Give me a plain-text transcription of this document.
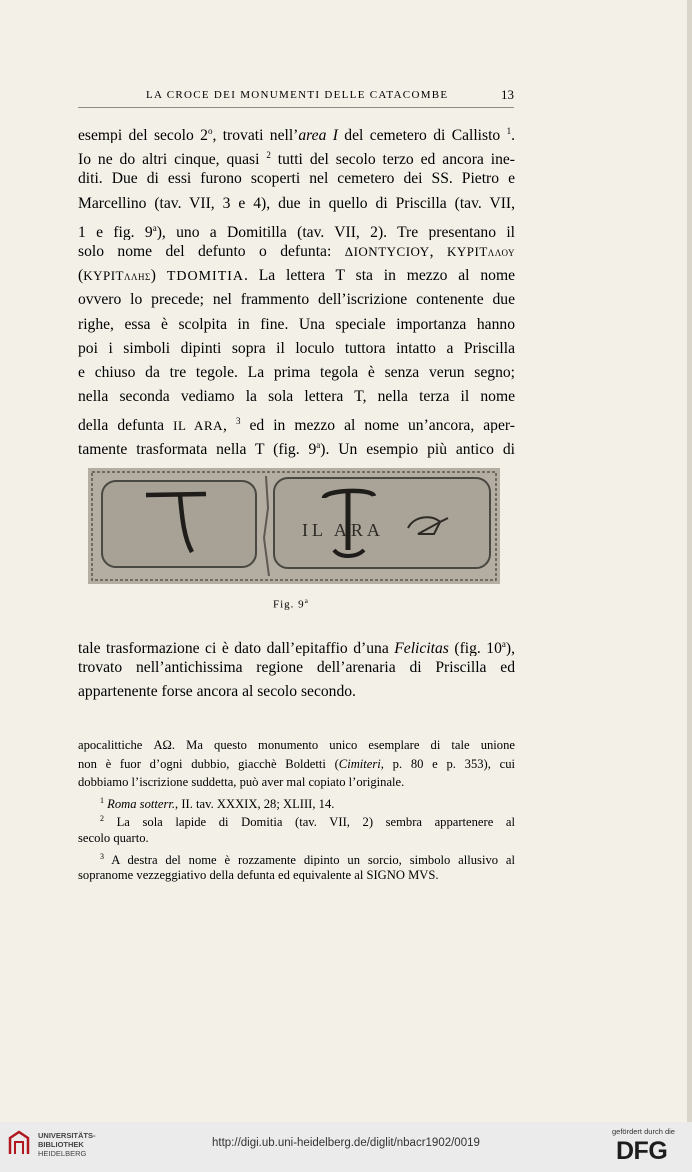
LA CROCE DEI MONUMENTI DELLE CATACOMBE	13
esempi del secolo 2$^o$, trovati nell’area I del cemetero di Callisto $^1$.
Io ne do altri cinque, quasi $^2$ tutti del secolo terzo ed ancora ine-
diti. Due di essi furono scoperti nel cemetero dei SS. Pietro e
Marcellino (tav. VII, 3 e 4), due in quello di Priscilla (tav. VII,
1 e fig. 9$^a$), uno a Domitilla (tav. VII, 2). Tre presentano il
solo nome del defunto o defunta: ΔΙΟΝΤΥCΙΟΥ, ΚΥΡΙΤλλου
(ΚΥΡΙΤλλης) TDOMITIA. La lettera T sta in mezzo al nome
ovvero lo precede; nel frammento dell’iscrizione contenente due
righe, essa è scolpita in fine. Una speciale importanza hanno
poi i simboli dipinti sopra il loculo tuttora intatto a Priscilla
e chiuso da tre tegole. La prima tegola è senza verun segno;
nella seconda vediamo la sola lettera T, nella terza il nome
della defunta IL ARA, $^3$ ed in mezzo al nome un’ancora, aper-
tamente trasformata nella T (fig. 9$^a$). Un esempio più antico di
IL ARA
Fig. 9$^a$
tale trasformazione ci è dato dall’epitaffio d’una Felicitas (fig. 10$^a$),
trovato nell’antichissima regione dell’arenaria di Priscilla ed
appartenente forse ancora al secolo secondo.
apocalittiche ΑΩ. Ma questo monumento unico esemplare di tale unione
non è fuor d’ogni dubbio, giacchè Boldetti (Cimiteri, p. 80 e p. 353), cui
dobbiamo l’iscrizione suddetta, può aver mal copiato l’originale.
$^1$ Roma sotterr., II. tav. XXXIX, 28; XLIII, 14.
$^2$ La sola lapide di Domitia (tav. VII, 2) sembra appartenere al
secolo quarto.
$^3$ A destra del nome è rozzamente dipinto un sorcio, simbolo allusivo al
sopranome vezzeggiativo della defunta ed equivalente al SIGNO MVS.
UNIVERSITÄTS-
BIBLIOTHEK
HEIDELBERG
http://digi.ub.uni-heidelberg.de/diglit/nbacr1902/0019
gefördert durch die
DFG
